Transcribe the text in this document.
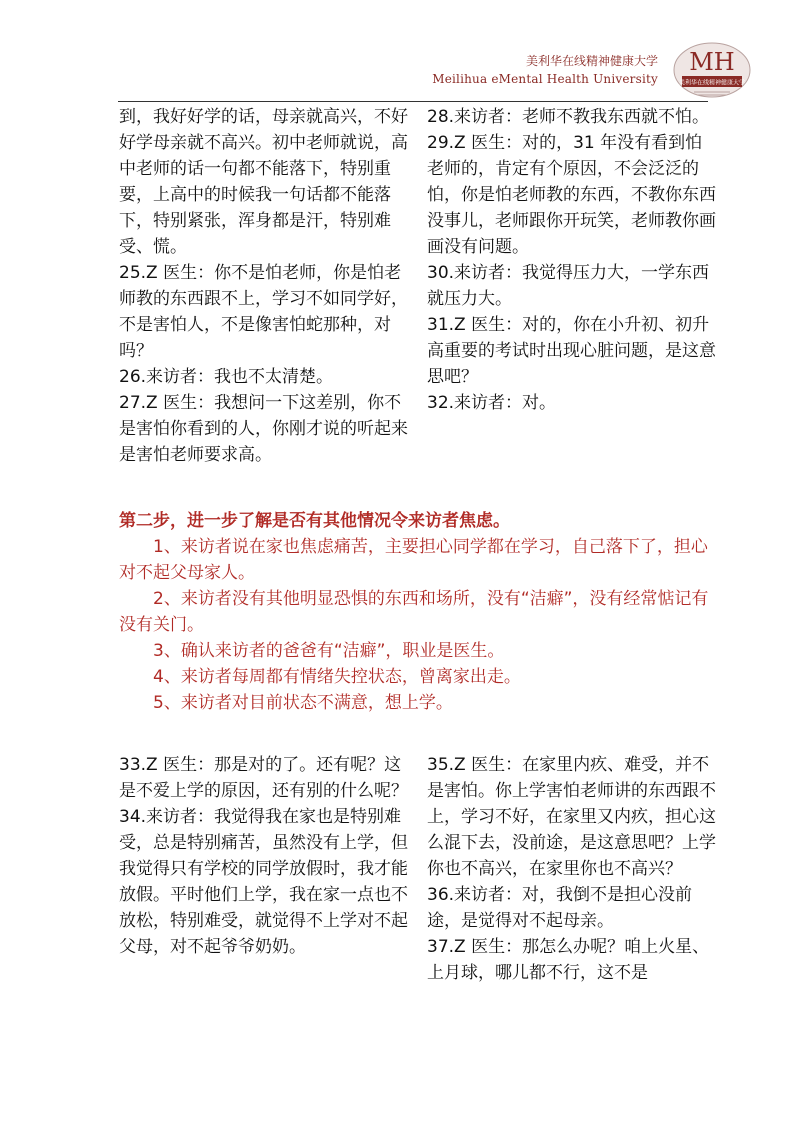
美利华在线精神健康大学
Meilihua eMental Health University
MH
美利华在线精神健康大学

到，我好好学的话，母亲就高兴，不好好学母亲就不高兴。初中老师就说，高中老师的话一句都不能落下，特别重要，上高中的时候我一句话都不能落下，特别紧张，浑身都是汗，特别难受、慌。

25.Z 医生：你不是怕老师，你是怕老师教的东西跟不上，学习不如同学好，不是害怕人，不是像害怕蛇那种，对吗？

26.来访者：我也不太清楚。

27.Z 医生：我想问一下这差别，你不是害怕你看到的人，你刚才说的听起来是害怕老师要求高。

28.来访者：老师不教我东西就不怕。

29.Z 医生：对的，31 年没有看到怕老师的，肯定有个原因，不会泛泛的怕，你是怕老师教的东西，不教你东西没事儿，老师跟你开玩笑，老师教你画画没有问题。

30.来访者：我觉得压力大，一学东西就压力大。

31.Z 医生：对的，你在小升初、初升高重要的考试时出现心脏问题，是这意思吧？

32.来访者：对。

第二步，进一步了解是否有其他情况令来访者焦虑。

1、来访者说在家也焦虑痛苦，主要担心同学都在学习，自己落下了，担心对不起父母家人。

2、来访者没有其他明显恐惧的东西和场所，没有“洁癖”，没有经常惦记有没有关门。

3、确认来访者的爸爸有“洁癖”，职业是医生。

4、来访者每周都有情绪失控状态，曾离家出走。

5、来访者对目前状态不满意，想上学。

33.Z 医生：那是对的了。还有呢？这是不爱上学的原因，还有别的什么呢？

34.来访者：我觉得我在家也是特别难受，总是特别痛苦，虽然没有上学，但我觉得只有学校的同学放假时，我才能放假。平时他们上学，我在家一点也不放松，特别难受，就觉得不上学对不起父母，对不起爷爷奶奶。

35.Z 医生：在家里内疚、难受，并不是害怕。你上学害怕老师讲的东西跟不上，学习不好，在家里又内疚，担心这么混下去，没前途，是这意思吧？上学你也不高兴，在家里你也不高兴？

36.来访者：对，我倒不是担心没前途，是觉得对不起母亲。

37.Z 医生：那怎么办呢？咱上火星、上月球，哪儿都不行，这不是
